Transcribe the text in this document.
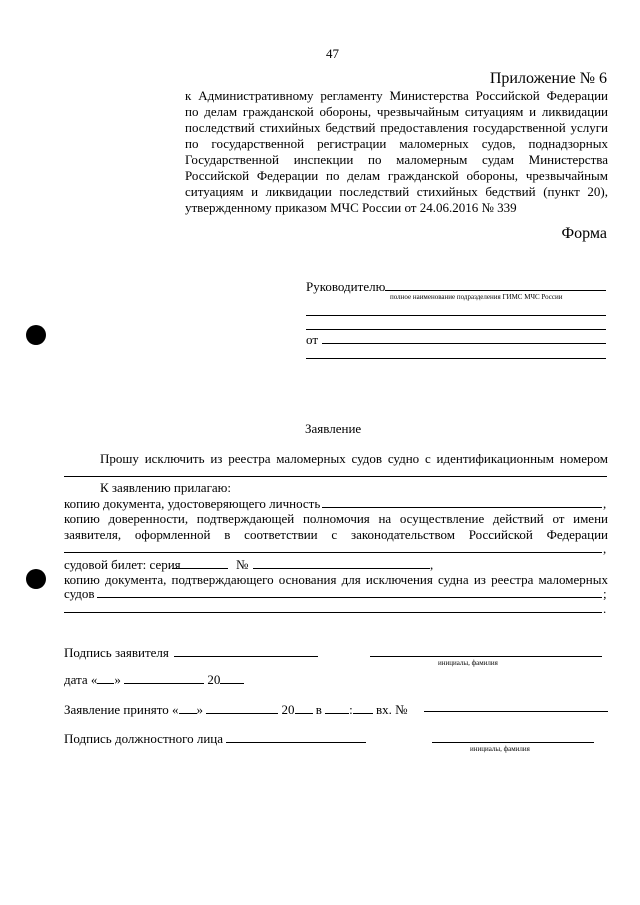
47
Приложение № 6
к Административному регламенту Министерства Российской Федерации
по делам гражданской обороны, чрезвычайным ситуациям и ликвидации
последствий стихийных бедствий предоставления государственной услуги
по государственной регистрации маломерных судов, поднадзорных
Государственной инспекции по маломерным судам Министерства
Российской Федерации по делам гражданской обороны, чрезвычайным
ситуациям и ликвидации последствий стихийных бедствий (пункт 20),
утвержденному приказом МЧС России от 24.06.2016 № 339
Форма
Руководителю
полное наименование подразделения ГИМС МЧС России
от
Заявление
Прошу исключить из реестра маломерных судов судно с идентификационным номером
К заявлению прилагаю:
копию документа, удостоверяющего личность	,
копию доверенности, подтверждающей полномочия на осуществление действий от имени
заявителя, оформленной в соответствии с законодательством Российской Федерации
,
судовой билет: серия	№	,
копию документа, подтверждающего основания для исключения судна из реестра маломерных
судов	;
.
Подпись заявителя
инициалы, фамилия
дата « »	20
Заявление принято « »	20 в : вх. №
Подпись должностного лица
инициалы, фамилия
